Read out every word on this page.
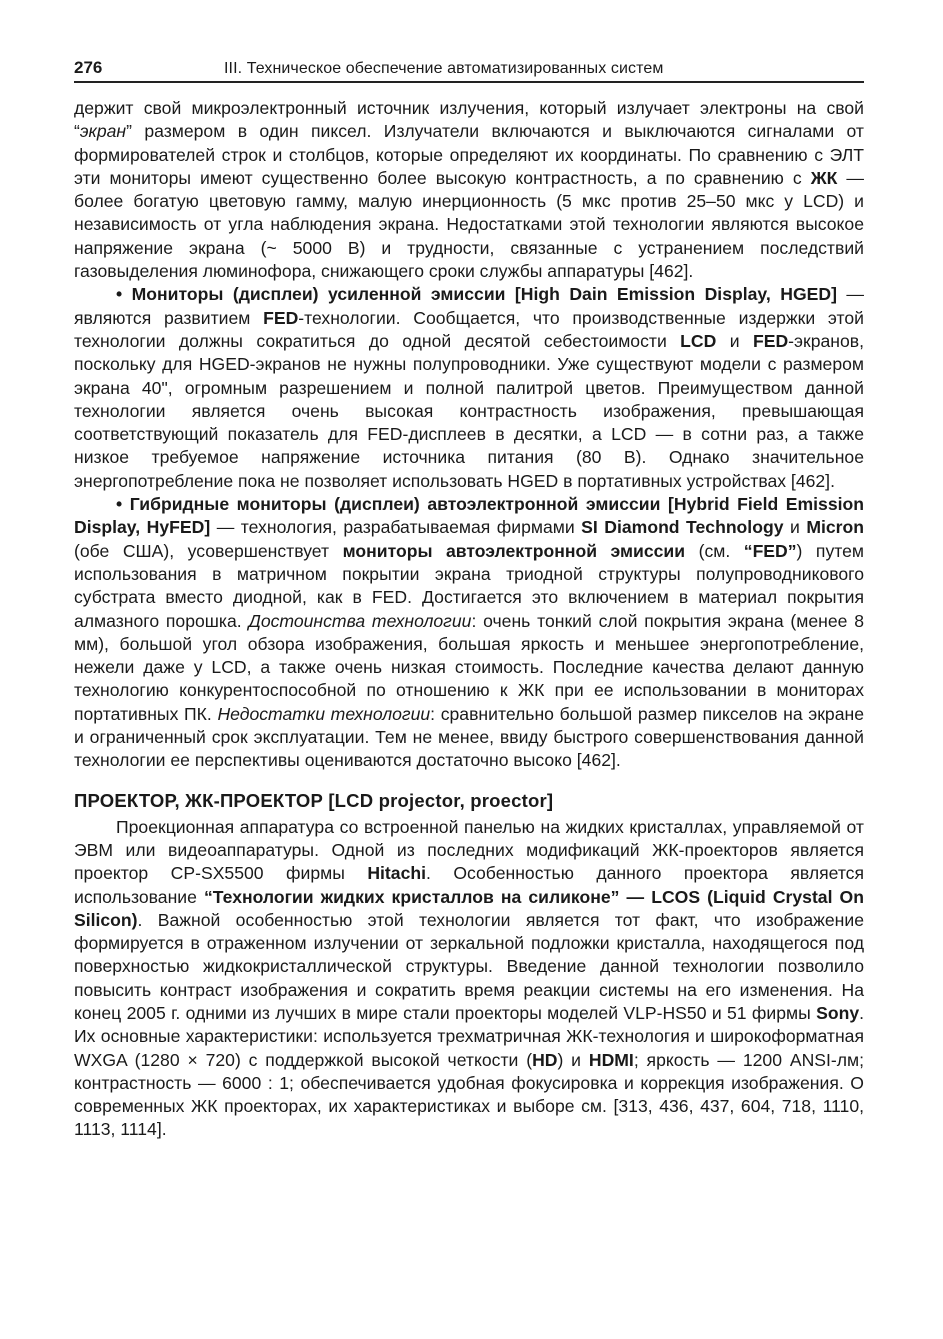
276	III. Техническое обеспечение автоматизированных систем

держит свой микроэлектронный источник излучения, который излучает электроны на свой “экран” размером в один пиксел. Излучатели включаются и выключаются сигналами от формирователей строк и столбцов, которые определяют их координаты. По сравнению с ЭЛТ эти мониторы имеют существенно более высокую контрастность, а по сравнению с ЖК — более богатую цветовую гамму, малую инерционность (5 мкс против 25–50 мкс у LCD) и независимость от угла наблюдения экрана. Недостатками этой технологии являются высокое напряжение экрана (~ 5000 В) и трудности, связанные с устранением последствий газовыделения люминофора, снижающего сроки службы аппаратуры [462].

• Мониторы (дисплеи) усиленной эмиссии [High Dain Emission Display, HGED] — являются развитием FED-технологии. Сообщается, что производственные издержки этой технологии должны сократиться до одной десятой себестоимости LCD и FED-экранов, поскольку для HGED-экранов не нужны полупроводники. Уже существуют модели с размером экрана 40", огромным разрешением и полной палитрой цветов. Преимуществом данной технологии является очень высокая контрастность изображения, превышающая соответствующий показатель для FED-дисплеев в десятки, а LCD — в сотни раз, а также низкое требуемое напряжение источника питания (80 В). Однако значительное энергопотребление пока не позволяет использовать HGED в портативных устройствах [462].

• Гибридные мониторы (дисплеи) автоэлектронной эмиссии [Hybrid Field Emission Display, HyFED] — технология, разрабатываемая фирмами SI Diamond Technology и Micron (обе США), усовершенствует мониторы автоэлектронной эмиссии (см. “FED”) путем использования в матричном покрытии экрана триодной структуры полупроводникового субстрата вместо диодной, как в FED. Достигается это включением в материал покрытия алмазного порошка. Достоинства технологии: очень тонкий слой покрытия экрана (менее 8 мм), большой угол обзора изображения, большая яркость и меньшее энергопотребление, нежели даже у LCD, а также очень низкая стоимость. Последние качества делают данную технологию конкурентоспособной по отношению к ЖК при ее использовании в мониторах портативных ПК. Недостатки технологии: сравнительно большой размер пикселов на экране и ограниченный срок эксплуатации. Тем не менее, ввиду быстрого совершенствования данной технологии ее перспективы оцениваются достаточно высоко [462].

ПРОЕКТОР, ЖК-ПРОЕКТОР [LCD projector, proector]

Проекционная аппаратура со встроенной панелью на жидких кристаллах, управляемой от ЭВМ или видеоаппаратуры. Одной из последних модификаций ЖК-проекторов является проектор CP-SX5500 фирмы Hitachi. Особенностью данного проектора является использование “Технологии жидких кристаллов на силиконе” — LCOS (Liquid Crystal On Silicon). Важной особенностью этой технологии является тот факт, что изображение формируется в отраженном излучении от зеркальной подложки кристалла, находящегося под поверхностью жидкокристаллической структуры. Введение данной технологии позволило повысить контраст изображения и сократить время реакции системы на его изменения. На конец 2005 г. одними из лучших в мире стали проекторы моделей VLP-HS50 и 51 фирмы Sony. Их основные характеристики: используется трехматричная ЖК-технология и широкоформатная WXGA (1280 × 720) с поддержкой высокой четкости (HD) и HDMI; яркость — 1200 ANSI-лм; контрастность — 6000 : 1; обеспечивается удобная фокусировка и коррекция изображения. О современных ЖК проекторах, их характеристиках и выборе см. [313, 436, 437, 604, 718, 1110, 1113, 1114].
